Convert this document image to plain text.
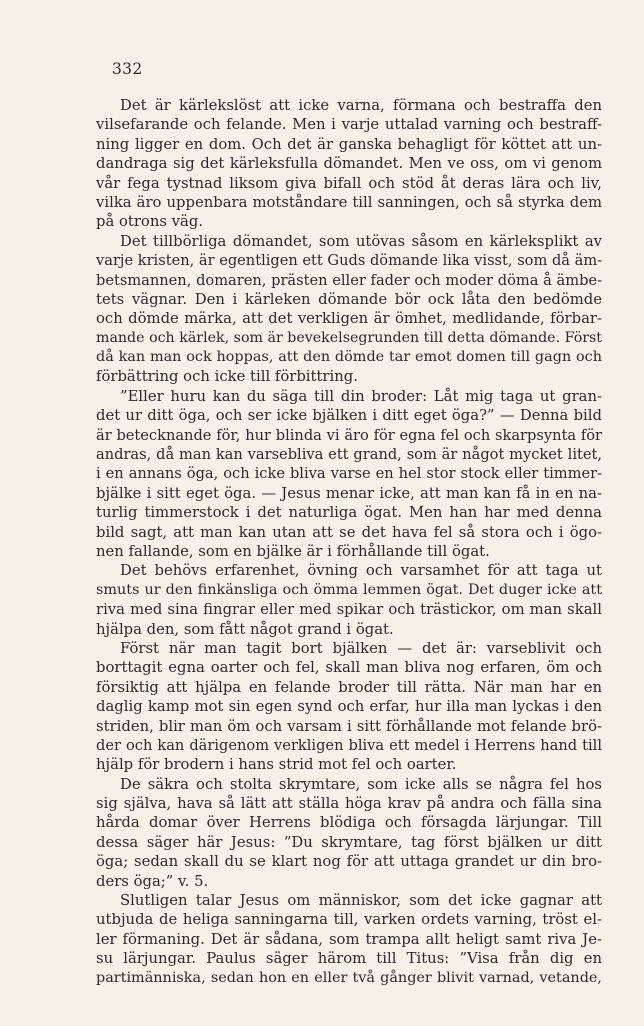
332
Det är kärlekslöst att icke varna, förmana och bestraffa den
vilsefarande och felande. Men i varje uttalad varning och bestraff-
ning ligger en dom. Och det är ganska behagligt för köttet att un-
dandraga sig det kärleksfulla dömandet. Men ve oss, om vi genom
vår fega tystnad liksom giva bifall och stöd åt deras lära och liv,
vilka äro uppenbara motståndare till sanningen, och så styrka dem
på otrons väg.
Det tillbörliga dömandet, som utövas såsom en kärleksplikt av
varje kristen, är egentligen ett Guds dömande lika visst, som då äm-
betsmannen, domaren, prästen eller fader och moder döma å ämbe-
tets vägnar. Den i kärleken dömande bör ock låta den bedömde
och dömde märka, att det verkligen är ömhet, medlidande, förbar-
mande och kärlek, som är bevekelsegrunden till detta dömande. Först
då kan man ock hoppas, att den dömde tar emot domen till gagn och
förbättring och icke till förbittring.
”Eller huru kan du säga till din broder: Låt mig taga ut gran-
det ur ditt öga, och ser icke bjälken i ditt eget öga?” — Denna bild
är betecknande för, hur blinda vi äro för egna fel och skarpsynta för
andras, då man kan varsebliva ett grand, som är något mycket litet,
i en annans öga, och icke bliva varse en hel stor stock eller timmer-
bjälke i sitt eget öga. — Jesus menar icke, att man kan få in en na-
turlig timmerstock i det naturliga ögat. Men han har med denna
bild sagt, att man kan utan att se det hava fel så stora och i ögo-
nen fallande, som en bjälke är i förhållande till ögat.
Det behövs erfarenhet, övning och varsamhet för att taga ut
smuts ur den finkänsliga och ömma lemmen ögat. Det duger icke att
riva med sina fingrar eller med spikar och trästickor, om man skall
hjälpa den, som fått något grand i ögat.
Först när man tagit bort bjälken — det är: varseblivit och
borttagit egna oarter och fel, skall man bliva nog erfaren, öm och
försiktig att hjälpa en felande broder till rätta. När man har en
daglig kamp mot sin egen synd och erfar, hur illa man lyckas i den
striden, blir man öm och varsam i sitt förhållande mot felande brö-
der och kan därigenom verkligen bliva ett medel i Herrens hand till
hjälp för brodern i hans strid mot fel och oarter.
De säkra och stolta skrymtare, som icke alls se några fel hos
sig själva, hava så lätt att ställa höga krav på andra och fälla sina
hårda domar över Herrens blödiga och försagda lärjungar. Till
dessa säger här Jesus: ”Du skrymtare, tag först bjälken ur ditt
öga; sedan skall du se klart nog för att uttaga grandet ur din bro-
ders öga;” v. 5.
Slutligen talar Jesus om människor, som det icke gagnar att
utbjuda de heliga sanningarna till, varken ordets varning, tröst el-
ler förmaning. Det är sådana, som trampa allt heligt samt riva Je-
su lärjungar. Paulus säger härom till Titus: ”Visa från dig en
partimänniska, sedan hon en eller två gånger blivit varnad, vetande,
